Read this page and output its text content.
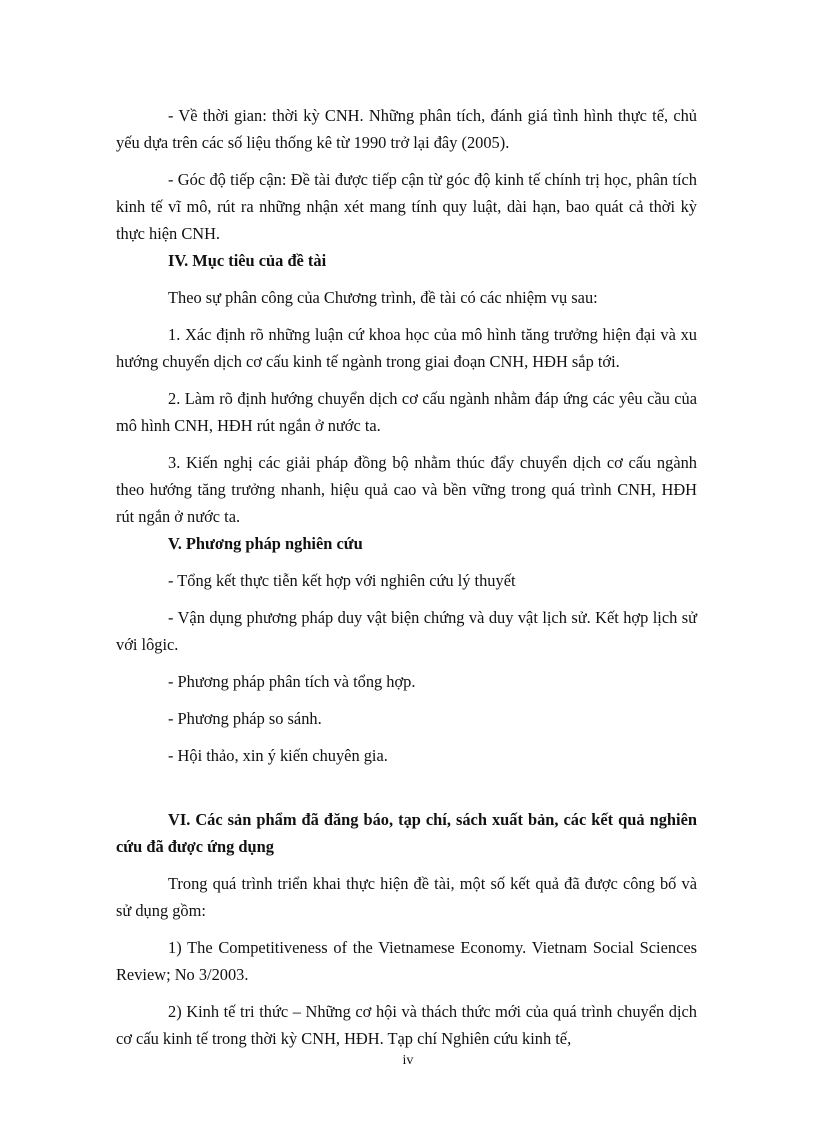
- Về thời gian: thời kỳ CNH. Những phân tích, đánh giá tình hình thực tế, chủ yếu dựa trên các số liệu thống kê từ 1990 trở lại đây (2005).

- Góc độ tiếp cận: Đề tài được tiếp cận từ góc độ kinh tế chính trị học, phân tích kinh tế vĩ mô, rút ra những nhận xét mang tính quy luật, dài hạn, bao quát cả thời kỳ thực hiện CNH.

IV. Mục tiêu của đề tài

Theo sự phân công của Chương trình, đề tài có các nhiệm vụ sau:

1. Xác định rõ những luận cứ khoa học của mô hình tăng trưởng hiện đại và xu hướng chuyển dịch cơ cấu kinh tế ngành trong giai đoạn CNH, HĐH sắp tới.

2. Làm rõ định hướng chuyển dịch cơ cấu ngành nhằm đáp ứng các yêu cầu của mô hình CNH, HĐH rút ngắn ở nước ta.

3. Kiến nghị các giải pháp đồng bộ nhằm thúc đẩy chuyển dịch cơ cấu ngành theo hướng tăng trưởng nhanh, hiệu quả cao và bền vững trong quá trình CNH, HĐH rút ngắn ở nước ta.

V. Phương pháp nghiên cứu

- Tổng kết thực tiễn kết hợp với nghiên cứu lý thuyết

- Vận dụng phương pháp duy vật biện chứng và duy vật lịch sử. Kết hợp lịch sử với lôgic.

- Phương pháp phân tích và tổng hợp.

- Phương pháp so sánh.

- Hội thảo, xin ý kiến chuyên gia.

VI. Các sản phẩm đã đăng báo, tạp chí, sách xuất bản, các kết quả nghiên cứu đã được ứng dụng

Trong quá trình triển khai thực hiện đề tài, một số kết quả đã được công bố và sử dụng gồm:

1) The Competitiveness of the Vietnamese Economy. Vietnam Social Sciences Review; No 3/2003.

2) Kinh tế tri thức – Những cơ hội và thách thức mới của quá trình chuyển dịch cơ cấu kinh tế trong thời kỳ CNH, HĐH. Tạp chí Nghiên cứu kinh tế,

iv
